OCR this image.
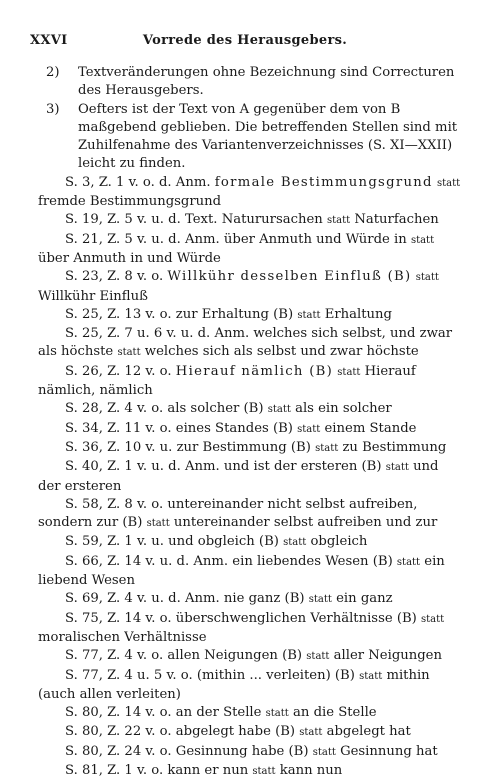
XXVI	Vorrede des Herausgebers.
2) Textveränderungen ohne Bezeichnung sind Correcturen des Herausgebers.
3) Oefters ist der Text von A gegenüber dem von B maßgebend geblieben. Die betreffenden Stellen sind mit Zuhilfenahme des Variantenverzeichnisses (S. XI—XXII) leicht zu finden.
S. 3, Z. 1 v. o. d. Anm. formale Bestimmungsgrund statt fremde Bestimmungsgrund
S. 19, Z. 5 v. u. d. Text. Naturursachen statt Naturfachen
S. 21, Z. 5 v. u. d. Anm. über Anmuth und Würde in statt über Anmuth in und Würde
S. 23, Z. 8 v. o. Willkühr desselben Einfluß (B) statt Willkühr Einfluß
S. 25, Z. 13 v. o. zur Erhaltung (B) statt Erhaltung
S. 25, Z. 7 u. 6 v. u. d. Anm. welches sich selbst, und zwar als höchste statt welches sich als selbst und zwar höchste
S. 26, Z. 12 v. o. Hierauf nämlich (B) statt Hierauf nämlich, nämlich
S. 28, Z. 4 v. o. als solcher (B) statt als ein solcher
S. 34, Z. 11 v. o. eines Standes (B) statt einem Stande
S. 36, Z. 10 v. u. zur Bestimmung (B) statt zu Bestimmung
S. 40, Z. 1 v. u. d. Anm. und ist der ersteren (B) statt und der ersteren
S. 58, Z. 8 v. o. untereinander nicht selbst aufreiben, sondern zur (B) statt untereinander selbst aufreiben und zur
S. 59, Z. 1 v. u. und obgleich (B) statt obgleich
S. 66, Z. 14 v. u. d. Anm. ein liebendes Wesen (B) statt ein liebend Wesen
S. 69, Z. 4 v. u. d. Anm. nie ganz (B) statt ein ganz
S. 75, Z. 14 v. o. überschwenglichen Verhältnisse (B) statt moralischen Verhältnisse
S. 77, Z. 4 v. o. allen Neigungen (B) statt aller Neigungen
S. 77, Z. 4 u. 5 v. o. (mithin ... verleiten) (B) statt mithin (auch allen verleiten)
S. 80, Z. 14 v. o. an der Stelle statt an die Stelle
S. 80, Z. 22 v. o. abgelegt habe (B) statt abgelegt hat
S. 80, Z. 24 v. o. Gesinnung habe (B) statt Gesinnung hat
S. 81, Z. 1 v. o. kann er nun statt kann nun
